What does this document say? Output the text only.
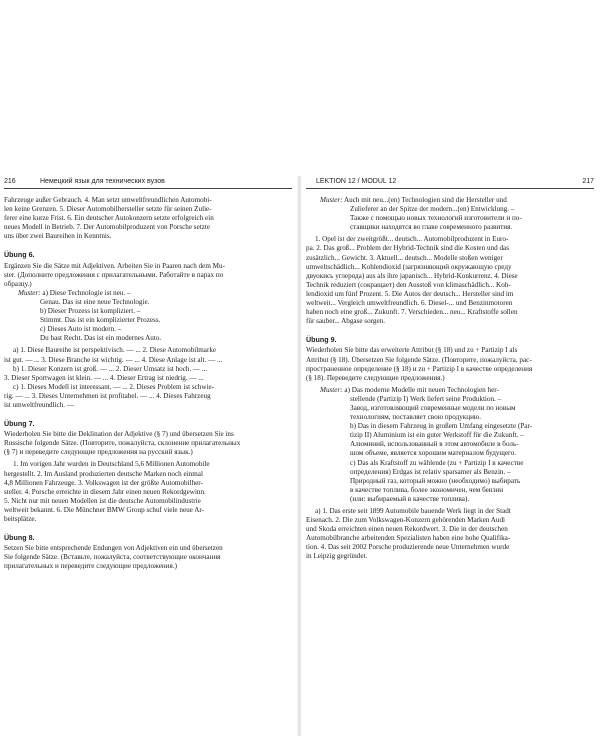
216	Немецкий язык для технических вузов

Fahrzeuge außer Gebrauch. 4. Man setzt umweltfreundlichen Automobi-

len keine Grenzen. 5. Dieser Automobilhersteller setzte für seinen Zulie-

ferer eine kurze Frist. 6. Ein deutscher Autokonzern setzte erfolgreich ein

neues Modell in Betrieb. 7. Der Automobilproduzent von Porsche setzte

uns über zwei Baureihen in Kenntnis.

Übung 6.

Ergänzen Sie die Sätze mit Adjektiven. Arbeiten Sie in Paaren nach dem Mu-

ster. (Дополните предложения с прилагательными. Работайте в парах по

образцу.)

Muster: a) Diese Technologie ist neu. –

Genau. Das ist eine neue Technologie.

b) Dieser Prozess ist kompliziert. –

Stimmt. Das ist ein komplizierter Prozess.

c) Dieses Auto ist modern. –

Du hast Recht. Das ist ein modernes Auto.

a) 1. Diese Baureihe ist perspektivisch. — ... 2. Diese Automobilmarke

ist gut. — ... 3. Diese Branche ist wichtig. — ... 4. Diese Anlage ist alt. — ...

b) 1. Dieser Konzern ist groß. — ... 2. Dieser Umsatz ist hoch. — ...

3. Dieser Sportwagen ist klein. — ... 4. Dieser Ertrag ist niedrig. — ...

c) 1. Dieses Modell ist interessant. — ... 2. Dieses Problem ist schwie-

rig. — ... 3. Dieses Unternehmen ist profitabel. — ... 4. Dieses Fahrzeug

ist umweltfreundlich. —

Übung 7.

Wiederholen Sie bitte die Deklination der Adjektive (§ 7) und übersetzen Sie ins

Russische folgende Sätze. (Повторите, пожалуйста, склонение прилагательных

(§ 7) и переведите следующие предложения на русский язык.)

1. Im vorigen Jahr wurden in Deutschland 5,6 Millionen Automobile

hergestellt. 2. Im Ausland produzierten deutsche Marken noch einmal

4,8 Millionen Fahrzeuge. 3. Volkswagen ist der größte Automobilher-

steller. 4. Porsche erreichte in diesem Jahr einen neuen Rekordgewinn.

5. Nicht nur mit neuen Modellen ist die deutsche Automobilindustrie

weltweit bekannt. 6. Die Münchner BMW Group schuf viele neue Ar-

beitsplätze.

Übung 8.

Setzen Sie bitte entsprechende Endungen von Adjektiven ein und übersetzen

Sie folgende Sätze. (Вставьте, пожалуйста, соответствующие окончания

прилагательных и переведите следующие предложения.)

LEKTION 12 / MODUL 12	217

Muster: Auch mit neu...(en) Technologien sind die Hersteller und

Zulieferer an der Spitze der modern...(en) Entwicklung. –

Также с помощью новых технологий изготовители и по-

ставщики находятся во главе современного развития.

1. Opel ist der zweitgrößt... deutsch... Automobilproduzent in Euro-

pa. 2. Das groß... Problem der Hybrid-Technik sind die Kosten und das

zusätzlich... Gewicht. 3. Aktuell... deutsch... Modelle stoßen weniger

umweltschädlich... Kohlendioxid (загрязняющий окружающую среду

двуокись углерода) aus als ihre japanisch... Hybrid-Konkurrenz. 4. Diese

Technik reduziert (сокращает) den Ausstoß von klimaschädlich... Koh-

lendioxid um fünf Prozent. 5. Die Autos der deutsch... Hersteller sind im

weltweit... Vergleich umweltfreundlich. 6. Diesel-... und Benzinmotoren

haben noch eine groß... Zukunft. 7. Verschieden... neu... Kraftstoffe sollen

für sauber... Abgase sorgen.

Übung 9.

Wiederholen Sie bitte das erweiterte Attribut (§ 18) und zu + Partizip I als

Attribut (§ 18). Übersetzen Sie folgende Sätze. (Повторите, пожалуйста, рас-

пространенное определение (§ 18) и zu + Partizip I в качестве определения

(§ 18). Переведите следующие предложения.)

Muster: a) Das moderne Modelle mit neuen Technologien her-

stellende (Partizip I) Werk liefert seine Produktion. –

Завод, изготовляющий современные модели по новым

технологиям, поставляет свою продукцию.

b) Das in diesem Fahrzeug in großem Umfang eingesetzte (Par-

tizip II) Aluminium ist ein guter Werkstoff für die Zukunft. –

Алюминий, использованный в этом автомобиле в боль-

шом объеме, является хорошим материалом будущего.

c) Das als Kraftstoff zu wählende (zu + Partizip I в качестве

определения) Erdgas ist relativ sparsamer als Benzin. –

Природный газ, который можно (необходимо) выбирать

в качестве топлива, более экономичен, чем бензин

(или: выбираемый в качестве топлива).

a) 1. Das erste seit 1899 Automobile bauende Werk liegt in der Stadt

Eisenach. 2. Die zum Volkswagen-Konzern gehörenden Marken Audi

und Skoda erreichten einen neuen Rekordwert. 3. Die in der deutschen

Automobilbranche arbeitenden Spezialisten haben eine hohe Qualifika-

tion. 4. Das seit 2002 Porsche produzierende neue Unternehmen wurde

in Leipzig gegründet.
